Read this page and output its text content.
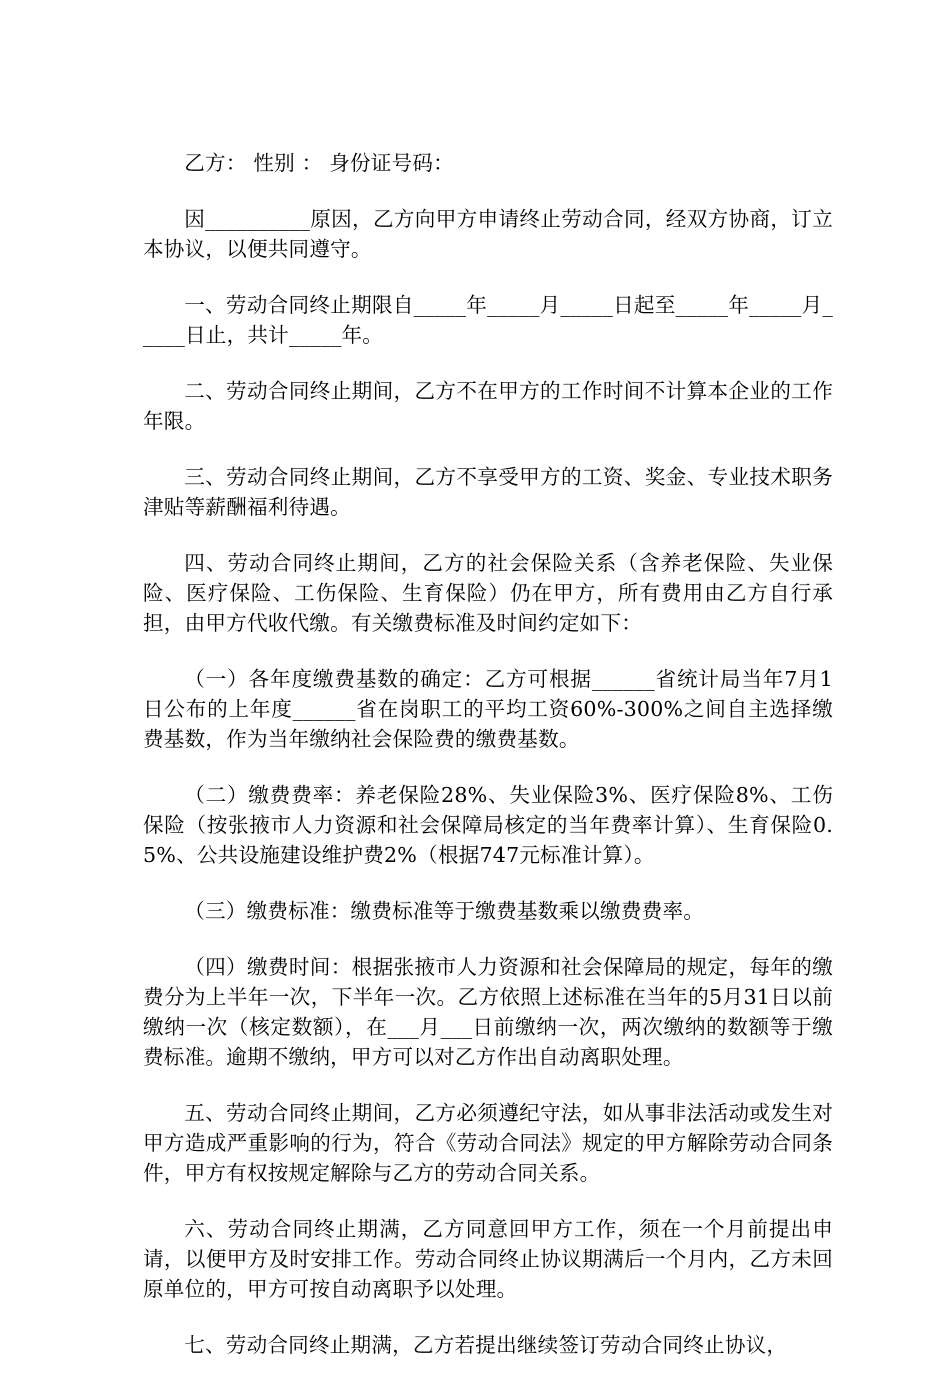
乙方： 性别 ： 身份证号码：

因__________原因，乙方向甲方申请终止劳动合同，经双方协商，订立本协议，以便共同遵守。

一、劳动合同终止期限自_____年_____月_____日起至_____年_____月_____日止，共计_____年。

二、劳动合同终止期间，乙方不在甲方的工作时间不计算本企业的工作年限。

三、劳动合同终止期间，乙方不享受甲方的工资、奖金、专业技术职务津贴等薪酬福利待遇。

四、劳动合同终止期间，乙方的社会保险关系（含养老保险、失业保险、医疗保险、工伤保险、生育保险）仍在甲方，所有费用由乙方自行承担，由甲方代收代缴。有关缴费标准及时间约定如下：

（一）各年度缴费基数的确定：乙方可根据______省统计局当年7月1日公布的上年度______省在岗职工的平均工资60%-300%之间自主选择缴费基数，作为当年缴纳社会保险费的缴费基数。

（二）缴费费率：养老保险28%、失业保险3%、医疗保险8%、工伤保险（按张掖市人力资源和社会保障局核定的当年费率计算）、生育保险0.5%、公共设施建设维护费2%（根据747元标准计算）。

（三）缴费标准：缴费标准等于缴费基数乘以缴费费率。

（四）缴费时间：根据张掖市人力资源和社会保障局的规定，每年的缴费分为上半年一次，下半年一次。乙方依照上述标准在当年的5月31日以前缴纳一次（核定数额），在___月___日前缴纳一次，两次缴纳的数额等于缴费标准。逾期不缴纳，甲方可以对乙方作出自动离职处理。

五、劳动合同终止期间，乙方必须遵纪守法，如从事非法活动或发生对甲方造成严重影响的行为，符合《劳动合同法》规定的甲方解除劳动合同条件，甲方有权按规定解除与乙方的劳动合同关系。

六、劳动合同终止期满，乙方同意回甲方工作，须在一个月前提出申请，以便甲方及时安排工作。劳动合同终止协议期满后一个月内，乙方未回原单位的，甲方可按自动离职予以处理。

七、劳动合同终止期满，乙方若提出继续签订劳动合同终止协议，
